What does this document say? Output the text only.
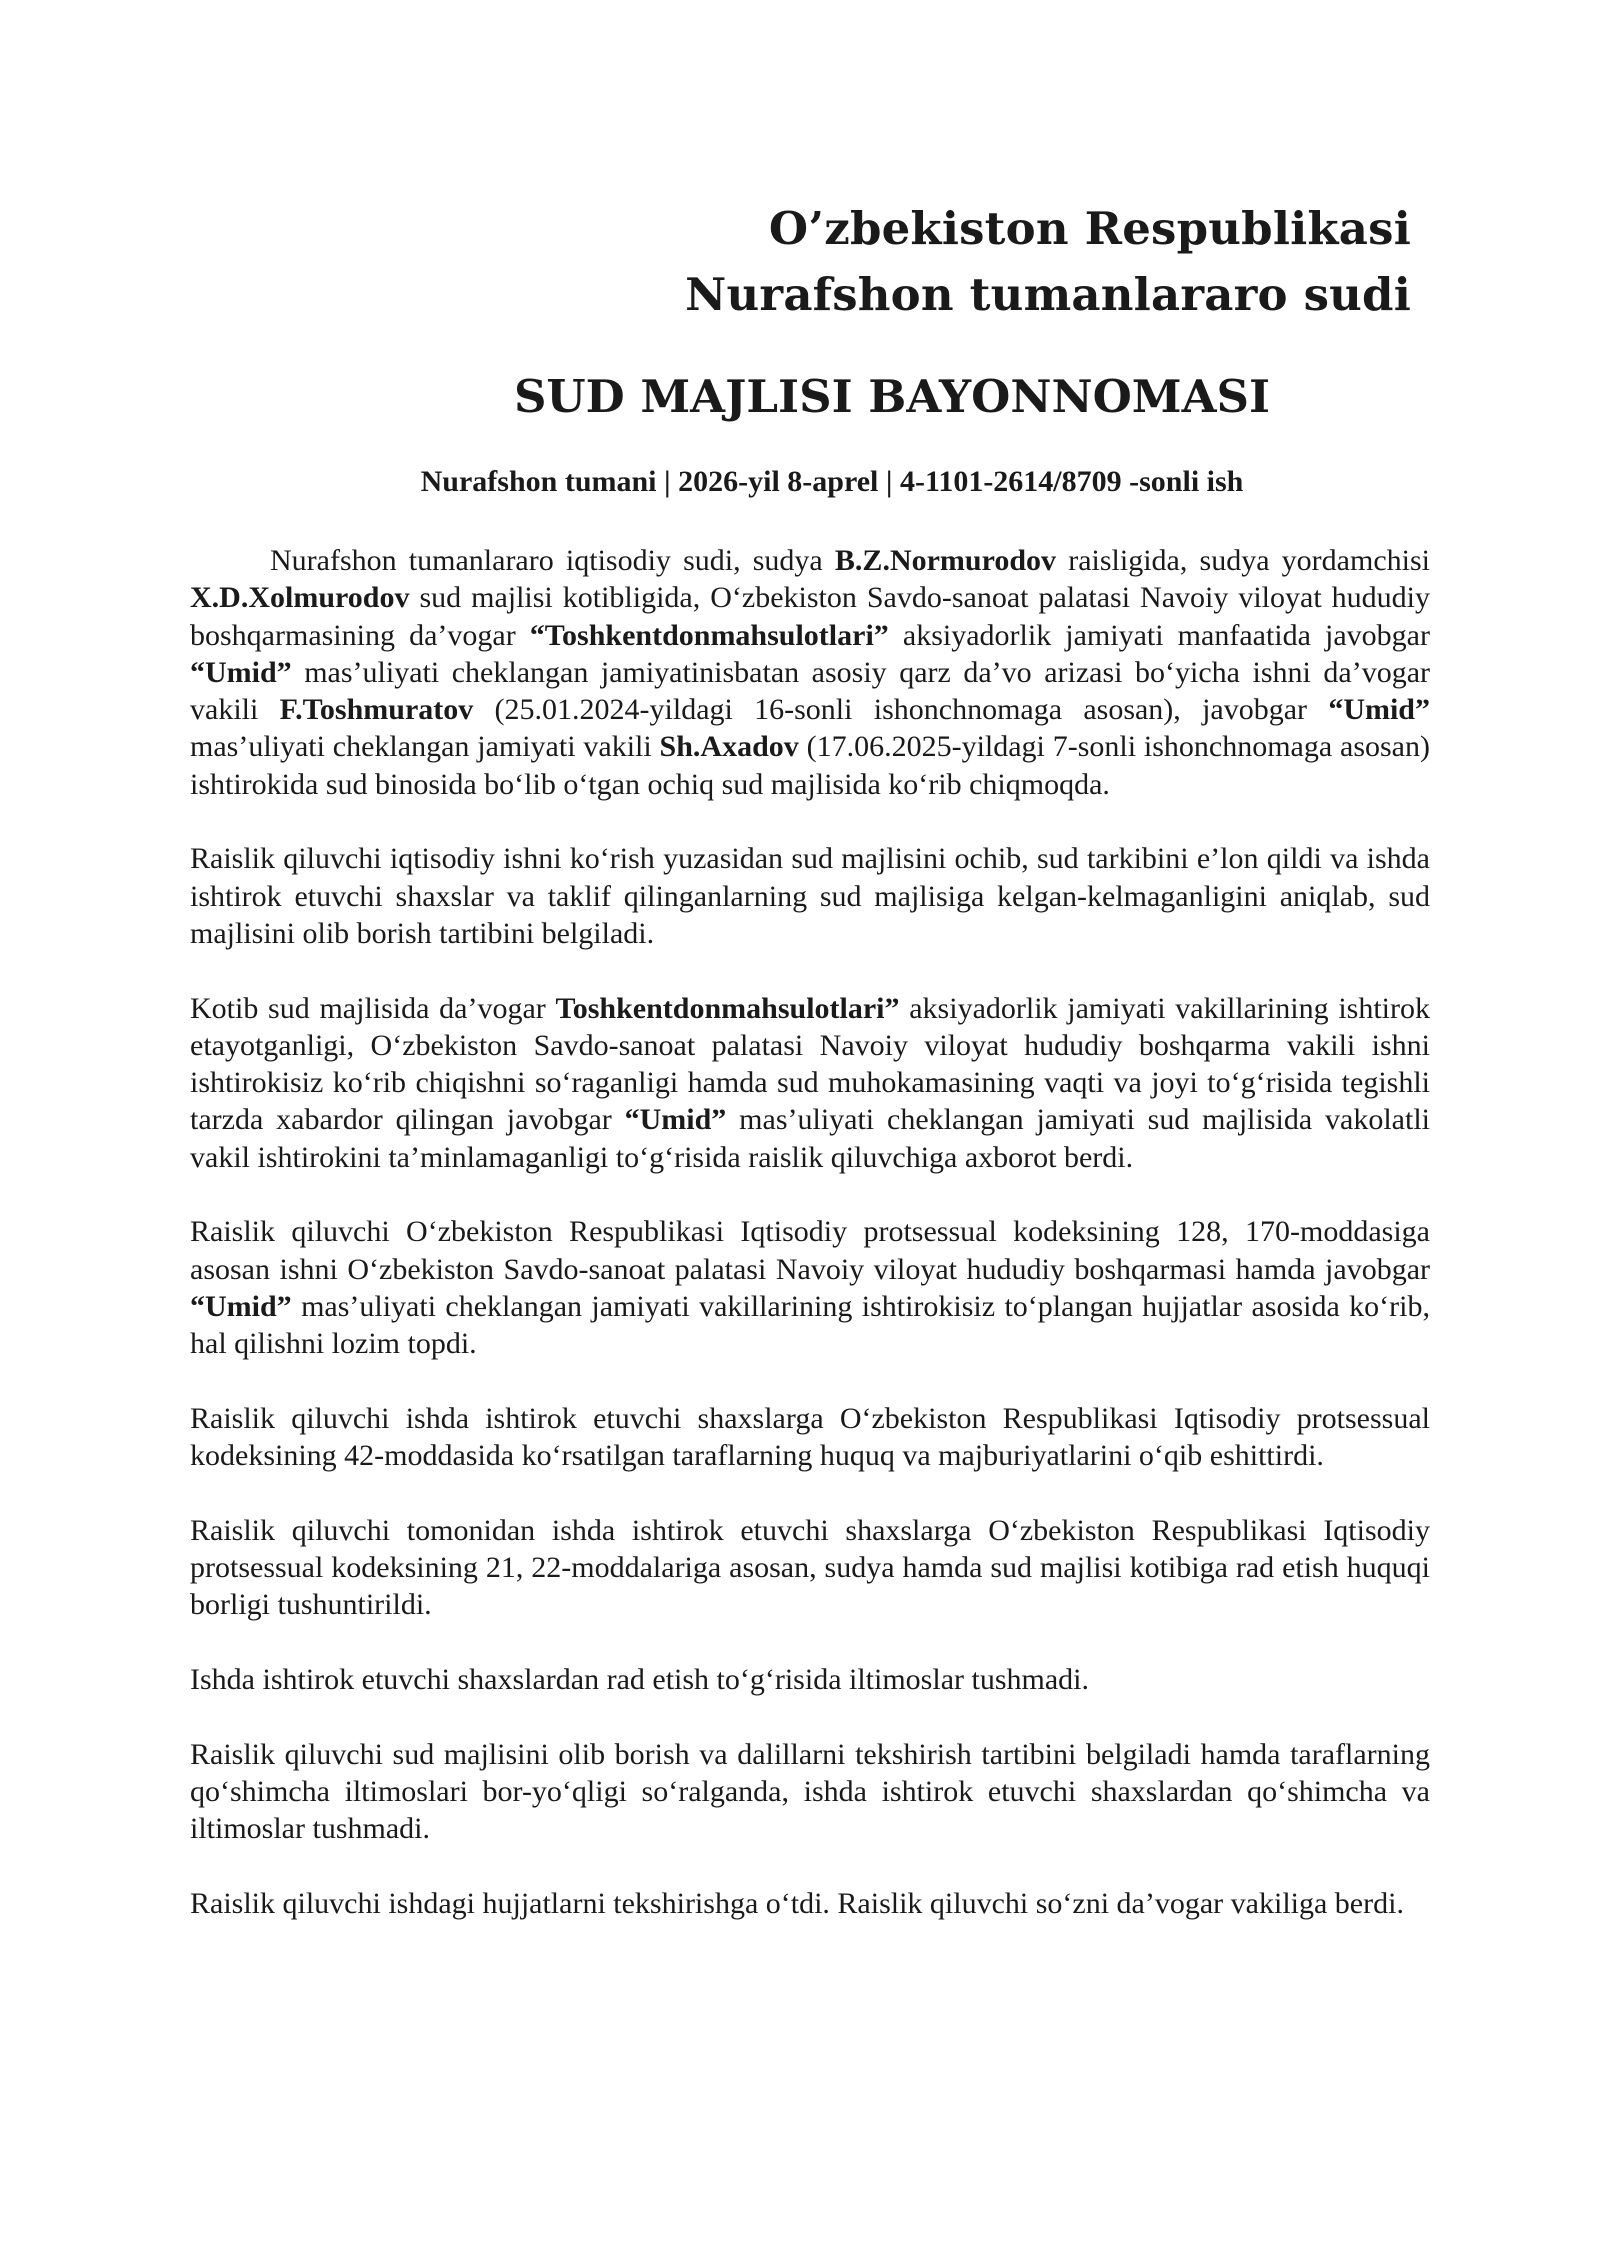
O’zbekiston Respublikasi
Nurafshon tumanlararo sudi
SUD MAJLISI BAYONNOMASI
Nurafshon tumani | 2026-yil 8-aprel | 4-1101-2614/8709 -sonli ish

Nurafshon tumanlararo iqtisodiy sudi, sudya B.Z.Normurodov raisligida, sudya yordamchisi X.D.Xolmurodov sud majlisi kotibligida, O‘zbekiston Savdo-sanoat palatasi Navoiy viloyat hududiy boshqarmasining da’vogar “Toshkentdonmahsulotlari” aksiyadorlik jamiyati manfaatida javobgar “Umid” mas’uliyati cheklangan jamiyatinisbatan asosiy qarz da’vo arizasi bo‘yicha ishni da’vogar vakili F.Toshmuratov (25.01.2024-yildagi 16-sonli ishonchnomaga asosan), javobgar “Umid” mas’uliyati cheklangan jamiyati vakili Sh.Axadov (17.06.2025-yildagi 7-sonli ishonchnomaga asosan) ishtirokida sud binosida bo‘lib o‘tgan ochiq sud majlisida ko‘rib chiqmoqda.

Raislik qiluvchi iqtisodiy ishni ko‘rish yuzasidan sud majlisini ochib, sud tarkibini e’lon qildi va ishda ishtirok etuvchi shaxslar va taklif qilinganlarning sud majlisiga kelgan-kelmaganligini aniqlab, sud majlisini olib borish tartibini belgiladi.

Kotib sud majlisida da’vogar Toshkentdonmahsulotlari” aksiyadorlik jamiyati vakillarining ishtirok etayotganligi, O‘zbekiston Savdo-sanoat palatasi Navoiy viloyat hududiy boshqarma vakili ishni ishtirokisiz ko‘rib chiqishni so‘raganligi hamda sud muhokamasining vaqti va joyi to‘g‘risida tegishli tarzda xabardor qilingan javobgar “Umid” mas’uliyati cheklangan jamiyati sud majlisida vakolatli vakil ishtirokini ta’minlamaganligi to‘g‘risida raislik qiluvchiga axborot berdi.

Raislik qiluvchi O‘zbekiston Respublikasi Iqtisodiy protsessual kodeksining 128, 170-moddasiga asosan ishni O‘zbekiston Savdo-sanoat palatasi Navoiy viloyat hududiy boshqarmasi hamda javobgar “Umid” mas’uliyati cheklangan jamiyati vakillarining ishtirokisiz to‘plangan hujjatlar asosida ko‘rib, hal qilishni lozim topdi.

Raislik qiluvchi ishda ishtirok etuvchi shaxslarga O‘zbekiston Respublikasi Iqtisodiy protsessual kodeksining 42-moddasida ko‘rsatilgan taraflarning huquq va majburiyatlarini o‘qib eshittirdi.

Raislik qiluvchi tomonidan ishda ishtirok etuvchi shaxslarga O‘zbekiston Respublikasi Iqtisodiy protsessual kodeksining 21, 22-moddalariga asosan, sudya hamda sud majlisi kotibiga rad etish huquqi borligi tushuntirildi.

Ishda ishtirok etuvchi shaxslardan rad etish to‘g‘risida iltimoslar tushmadi.

Raislik qiluvchi sud majlisini olib borish va dalillarni tekshirish tartibini belgiladi hamda taraflarning qo‘shimcha iltimoslari bor-yo‘qligi so‘ralganda, ishda ishtirok etuvchi shaxslardan qo‘shimcha va iltimoslar tushmadi.

Raislik qiluvchi ishdagi hujjatlarni tekshirishga o‘tdi. Raislik qiluvchi so‘zni da’vogar vakiliga berdi.
